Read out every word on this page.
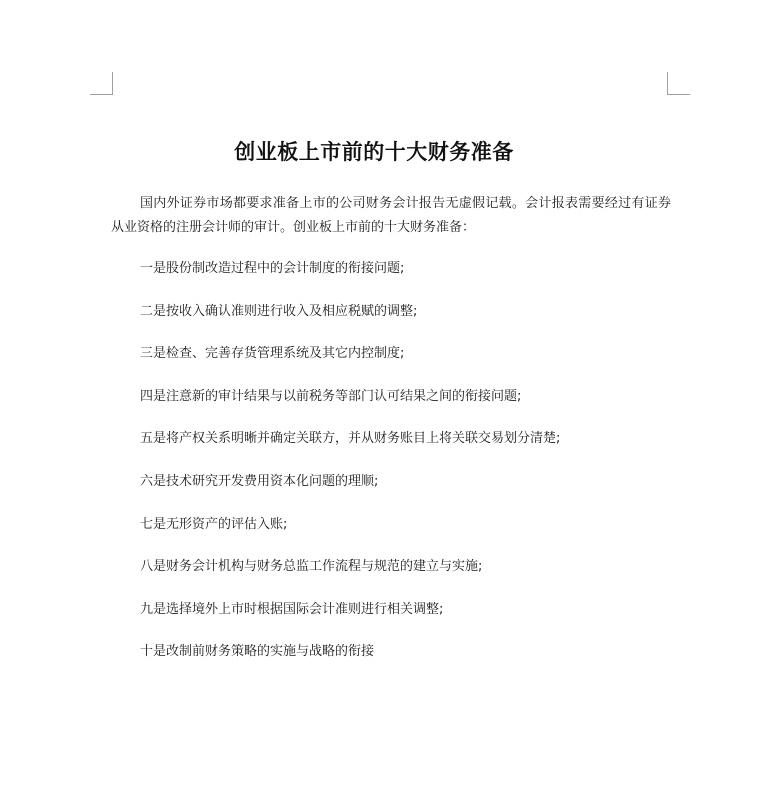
创业板上市前的十大财务准备
国内外证券市场都要求准备上市的公司财务会计报告无虚假记载。会计报表需要经过有证券从业资格的注册会计师的审计。创业板上市前的十大财务准备：
一是股份制改造过程中的会计制度的衔接问题;
二是按收入确认准则进行收入及相应税赋的调整;
三是检查、完善存货管理系统及其它内控制度;
四是注意新的审计结果与以前税务等部门认可结果之间的衔接问题;
五是将产权关系明晰并确定关联方，并从财务账目上将关联交易划分清楚;
六是技术研究开发费用资本化问题的理顺;
七是无形资产的评估入账;
八是财务会计机构与财务总监工作流程与规范的建立与实施;
九是选择境外上市时根据国际会计准则进行相关调整;
十是改制前财务策略的实施与战略的衔接
